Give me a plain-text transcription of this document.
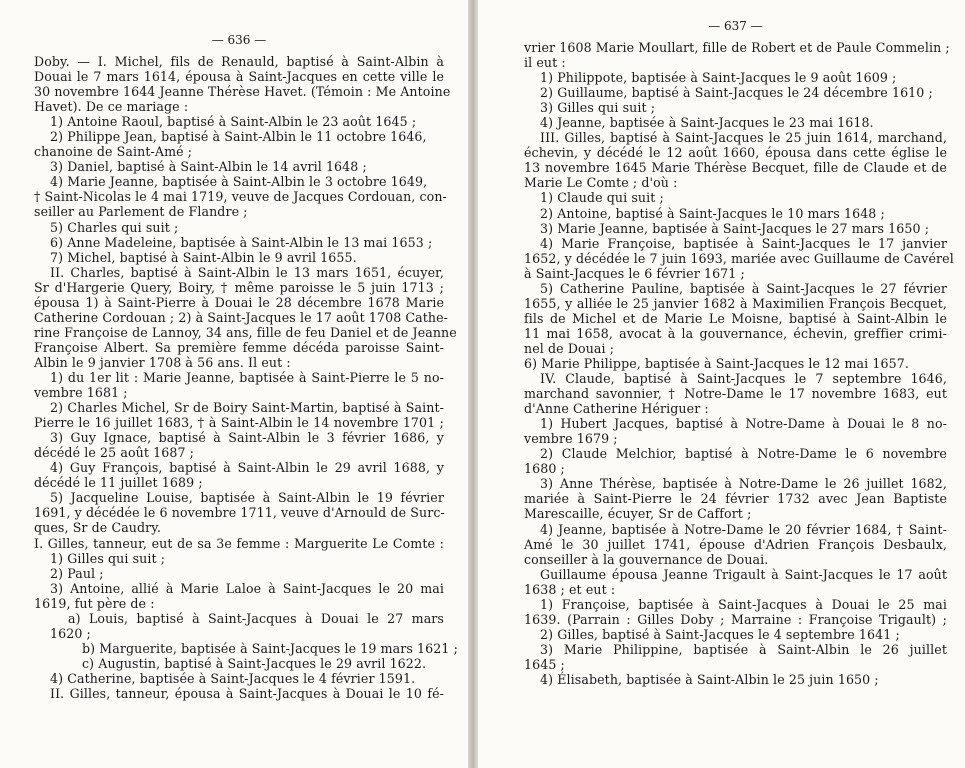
— 636 —
Doby. — I. Michel, fils de Renauld, baptisé à Saint-Albin à
Douai le 7 mars 1614, épousa à Saint-Jacques en cette ville le
30 novembre 1644 Jeanne Thérèse Havet. (Témoin : Me Antoine
Havet). De ce mariage :
1) Antoine Raoul, baptisé à Saint-Albin le 23 août 1645 ;
2) Philippe Jean, baptisé à Saint-Albin le 11 octobre 1646,
chanoine de Saint-Amé ;
3) Daniel, baptisé à Saint-Albin le 14 avril 1648 ;
4) Marie Jeanne, baptisée à Saint-Albin le 3 octobre 1649,
† Saint-Nicolas le 4 mai 1719, veuve de Jacques Cordouan, con-
seiller au Parlement de Flandre ;
5) Charles qui suit ;
6) Anne Madeleine, baptisée à Saint-Albin le 13 mai 1653 ;
7) Michel, baptisé à Saint-Albin le 9 avril 1655.
II. Charles, baptisé à Saint-Albin le 13 mars 1651, écuyer,
Sr d'Hargerie Query, Boiry, † même paroisse le 5 juin 1713 ;
épousa 1) à Saint-Pierre à Douai le 28 décembre 1678 Marie
Catherine Cordouan ; 2) à Saint-Jacques le 17 août 1708 Cathe-
rine Françoise de Lannoy, 34 ans, fille de feu Daniel et de Jeanne
Françoise Albert. Sa première femme décéda paroisse Saint-
Albin le 9 janvier 1708 à 56 ans. Il eut :
1) du 1er lit : Marie Jeanne, baptisée à Saint-Pierre le 5 no-
vembre 1681 ;
2) Charles Michel, Sr de Boiry Saint-Martin, baptisé à Saint-
Pierre le 16 juillet 1683, † à Saint-Albin le 14 novembre 1701 ;
3) Guy Ignace, baptisé à Saint-Albin le 3 février 1686, y
décédé le 25 août 1687 ;
4) Guy François, baptisé à Saint-Albin le 29 avril 1688, y
décédé le 11 juillet 1689 ;
5) Jacqueline Louise, baptisée à Saint-Albin le 19 février
1691, y décédée le 6 novembre 1711, veuve d'Arnould de Surc-
ques, Sr de Caudry.
I. Gilles, tanneur, eut de sa 3e femme : Marguerite Le Comte :
1) Gilles qui suit ;
2) Paul ;
3) Antoine, allié à Marie Laloe à Saint-Jacques le 20 mai
1619, fut père de :
a) Louis, baptisé à Saint-Jacques à Douai le 27 mars
1620 ;
b) Marguerite, baptisée à Saint-Jacques le 19 mars 1621 ;
c) Augustin, baptisé à Saint-Jacques le 29 avril 1622.
4) Catherine, baptisée à Saint-Jacques le 4 février 1591.
II. Gilles, tanneur, épousa à Saint-Jacques à Douai le 10 fé-
— 637 —
vrier 1608 Marie Moullart, fille de Robert et de Paule Commelin ;
il eut :
1) Philippote, baptisée à Saint-Jacques le 9 août 1609 ;
2) Guillaume, baptisé à Saint-Jacques le 24 décembre 1610 ;
3) Gilles qui suit ;
4) Jeanne, baptisée à Saint-Jacques le 23 mai 1618.
III. Gilles, baptisé à Saint-Jacques le 25 juin 1614, marchand,
échevin, y décédé le 12 août 1660, épousa dans cette église le
13 novembre 1645 Marie Thérèse Becquet, fille de Claude et de
Marie Le Comte ; d'où :
1) Claude qui suit ;
2) Antoine, baptisé à Saint-Jacques le 10 mars 1648 ;
3) Marie Jeanne, baptisée à Saint-Jacques le 27 mars 1650 ;
4) Marie Françoise, baptisée à Saint-Jacques le 17 janvier
1652, y décédée le 7 juin 1693, mariée avec Guillaume de Cavérel
à Saint-Jacques le 6 février 1671 ;
5) Catherine Pauline, baptisée à Saint-Jacques le 27 février
1655, y alliée le 25 janvier 1682 à Maximilien François Becquet,
fils de Michel et de Marie Le Moisne, baptisé à Saint-Albin le
11 mai 1658, avocat à la gouvernance, échevin, greffier crimi-
nel de Douai ;
6) Marie Philippe, baptisée à Saint-Jacques le 12 mai 1657.
IV. Claude, baptisé à Saint-Jacques le 7 septembre 1646,
marchand savonnier, † Notre-Dame le 17 novembre 1683, eut
d'Anne Catherine Hériguer :
1) Hubert Jacques, baptisé à Notre-Dame à Douai le 8 no-
vembre 1679 ;
2) Claude Melchior, baptisé à Notre-Dame le 6 novembre
1680 ;
3) Anne Thérèse, baptisée à Notre-Dame le 26 juillet 1682,
mariée à Saint-Pierre le 24 février 1732 avec Jean Baptiste
Marescaille, écuyer, Sr de Caffort ;
4) Jeanne, baptisée à Notre-Dame le 20 février 1684, † Saint-
Amé le 30 juillet 1741, épouse d'Adrien François Desbaulx,
conseiller à la gouvernance de Douai.
Guillaume épousa Jeanne Trigault à Saint-Jacques le 17 août
1638 ; et eut :
1) Françoise, baptisée à Saint-Jacques à Douai le 25 mai
1639. (Parrain : Gilles Doby ; Marraine : Françoise Trigault) ;
2) Gilles, baptisé à Saint-Jacques le 4 septembre 1641 ;
3) Marie Philippine, baptisée à Saint-Albin le 26 juillet
1645 ;
4) Élisabeth, baptisée à Saint-Albin le 25 juin 1650 ;
